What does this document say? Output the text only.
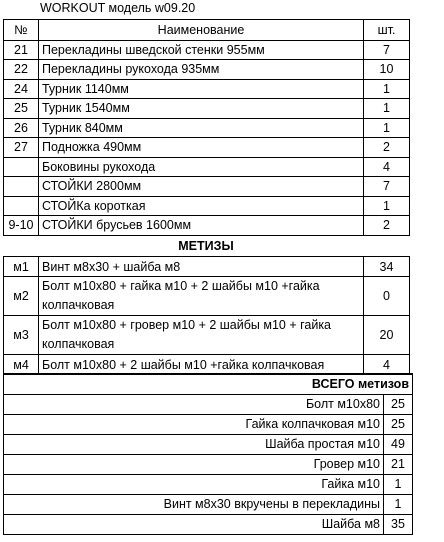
WORKOUT модель w09.20
№	Наименование	шт.
21	Перекладины шведской стенки 955мм	7
22	Перекладины рукохода 935мм	10
24	Турник 1140мм	1
25	Турник 1540мм	1
26	Турник 840мм	1
27	Подножка 490мм	2
	Боковины рукохода	4
	СТОЙКИ 2800мм	7
	СТОЙКа короткая	1
9-10	СТОЙКИ брусьев 1600мм	2
МЕТИЗЫ
м1	Винт м8х30 + шайба м8	34
м2	Болт м10х80 + гайка м10 + 2 шайбы м10 +гайка колпачковая	0
м3	Болт м10х80 + гровер м10 + 2 шайбы м10 + гайка колпачковая	20
м4	Болт м10х80 + 2 шайбы м10 +гайка колпачковая	4
ВСЕГО метизов	
Болт м10х80	25
Гайка колпачковая м10	25
Шайба простая м10	49
Гровер м10	21
Гайка м10	1
Винт м8х30 вкручены в перекладины	1
Шайба м8	35
